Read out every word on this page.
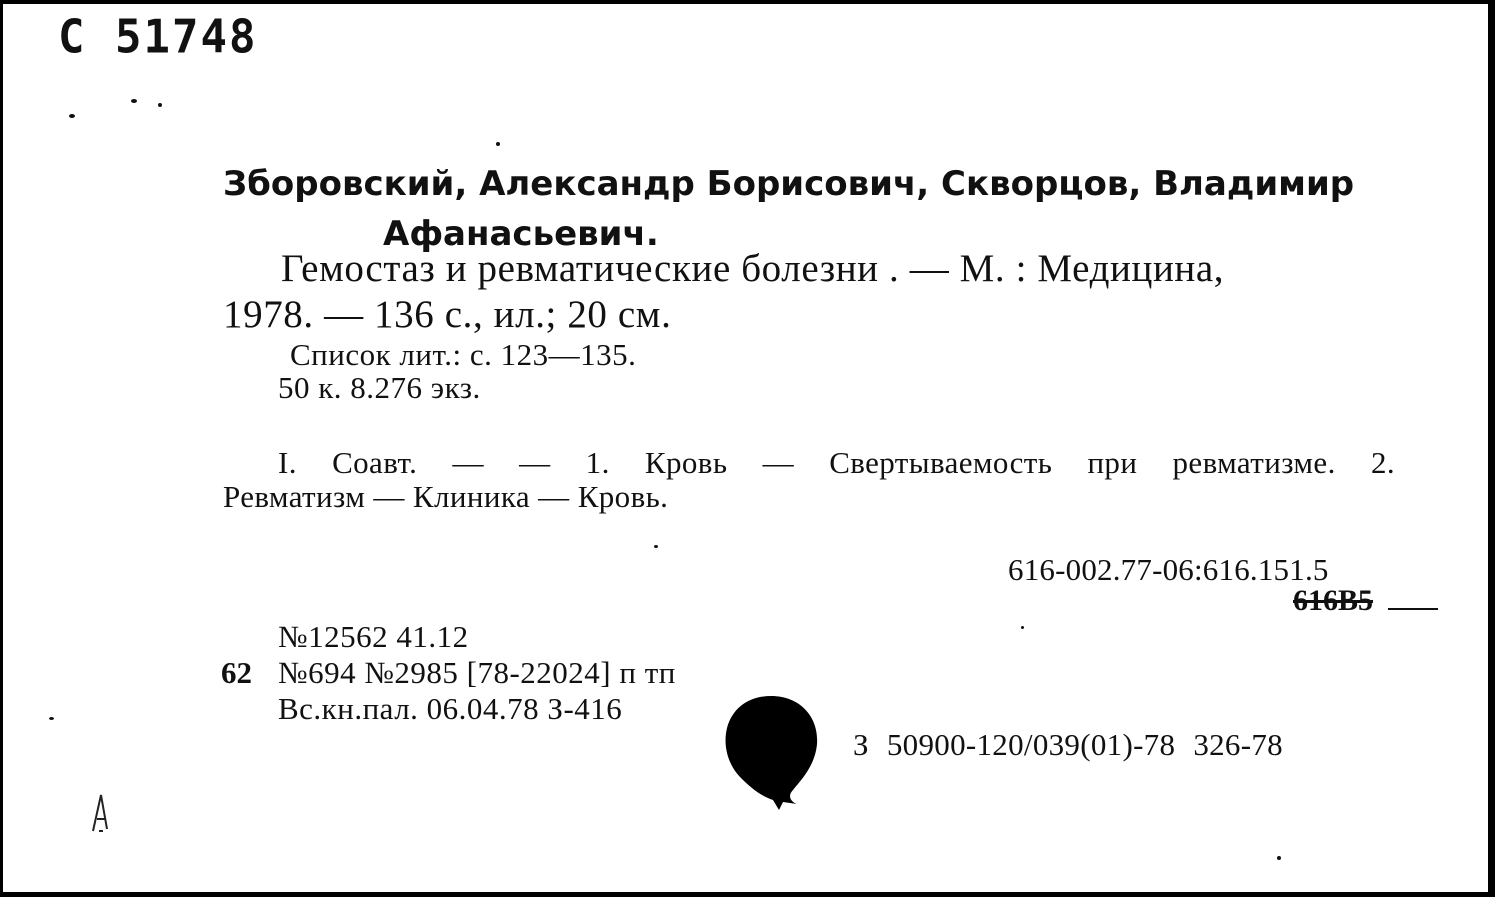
С 51748
Зборовский, Александр Борисович, Скворцов, Владимир
Афанасьевич.
Гемостаз и ревматические болезни . — М. : Медицина,
1978. — 136 с., ил.; 20 см.
Список лит.: с. 123—135.
50 к. 8.276 экз.
I. Соавт. — — 1. Кровь — Свертываемость при ревматизме. 2.
Ревматизм — Клиника — Кровь.
616-002.77-06:616.151.5
616B5
№12562 41.12
62 №694 №2985 [78-22024] п тп
Вс.кн.пал. 06.04.78 З-416
З 50900-120/039(01)-78 326-78
